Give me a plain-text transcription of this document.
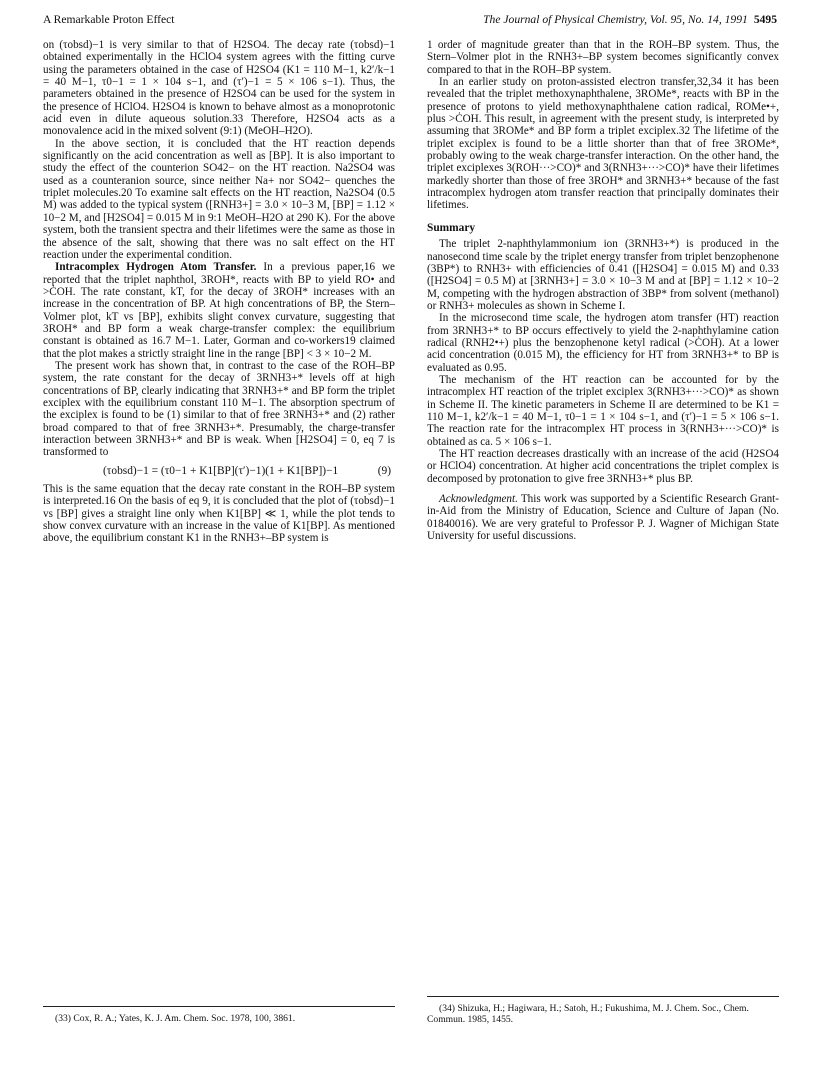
A Remarkable Proton Effect	The Journal of Physical Chemistry, Vol. 95, No. 14, 1991 5495

on (τobsd)−1 is very similar to that of H2SO4. The decay rate (τobsd)−1 obtained experimentally in the HClO4 system agrees with the fitting curve using the parameters obtained in the case of H2SO4 (K1 = 110 M−1, k2′/k−1 = 40 M−1, τ0−1 = 1 × 104 s−1, and (τ′)−1 = 5 × 106 s−1). Thus, the parameters obtained in the presence of H2SO4 can be used for the system in the presence of HClO4. H2SO4 is known to behave almost as a monoprotonic acid even in dilute aqueous solution.33 Therefore, H2SO4 acts as a monovalence acid in the mixed solvent (9:1) (MeOH–H2O).

In the above section, it is concluded that the HT reaction depends significantly on the acid concentration as well as [BP]. It is also important to study the effect of the counterion SO42− on the HT reaction. Na2SO4 was used as a counteranion source, since neither Na+ nor SO42− quenches the triplet molecules.20 To examine salt effects on the HT reaction, Na2SO4 (0.5 M) was added to the typical system ([RNH3+] = 3.0 × 10−3 M, [BP] = 1.12 × 10−2 M, and [H2SO4] = 0.015 M in 9:1 MeOH–H2O at 290 K). For the above system, both the transient spectra and their lifetimes were the same as those in the absence of the salt, showing that there was no salt effect on the HT reaction under the experimental condition.

Intracomplex Hydrogen Atom Transfer. In a previous paper,16 we reported that the triplet naphthol, 3ROH*, reacts with BP to yield RO• and >ĊOH. The rate constant, kT, for the decay of 3ROH* increases with an increase in the concentration of BP. At high concentrations of BP, the Stern–Volmer plot, kT vs [BP], exhibits slight convex curvature, suggesting that 3ROH* and BP form a weak charge-transfer complex: the equilibrium constant is obtained as 16.7 M−1. Later, Gorman and co-workers19 claimed that the plot makes a strictly straight line in the range [BP] < 3 × 10−2 M.

The present work has shown that, in contrast to the case of the ROH–BP system, the rate constant for the decay of 3RNH3+* levels off at high concentrations of BP, clearly indicating that 3RNH3+* and BP form the triplet exciplex with the equilibrium constant 110 M−1. The absorption spectrum of the exciplex is found to be (1) similar to that of free 3RNH3+* and (2) rather broad compared to that of free 3RNH3+*. Presumably, the charge-transfer interaction between 3RNH3+* and BP is weak. When [H2SO4] = 0, eq 7 is transformed to

(τobsd)−1 = (τ0−1 + K1[BP](τ′)−1)(1 + K1[BP])−1	(9)

This is the same equation that the decay rate constant in the ROH–BP system is interpreted.16 On the basis of eq 9, it is concluded that the plot of (τobsd)−1 vs [BP] gives a straight line only when K1[BP] ≪ 1, while the plot tends to show convex curvature with an increase in the value of K1[BP]. As mentioned above, the equilibrium constant K1 in the RNH3+–BP system is

1 order of magnitude greater than that in the ROH–BP system. Thus, the Stern–Volmer plot in the RNH3+–BP system becomes significantly convex compared to that in the ROH–BP system.

In an earlier study on proton-assisted electron transfer,32,34 it has been revealed that the triplet methoxynaphthalene, 3ROMe*, reacts with BP in the presence of protons to yield methoxynaphthalene cation radical, ROMe•+, plus >ĊOH. This result, in agreement with the present study, is interpreted by assuming that 3ROMe* and BP form a triplet exciplex.32 The lifetime of the triplet exciplex is found to be a little shorter than that of free 3ROMe*, probably owing to the weak charge-transfer interaction. On the other hand, the triplet exciplexes 3(ROH···>CO)* and 3(RNH3+···>CO)* have their lifetimes markedly shorter than those of free 3ROH* and 3RNH3+* because of the fast intracomplex hydrogen atom transfer reaction that principally dominates their lifetimes.

Summary

The triplet 2-naphthylammonium ion (3RNH3+*) is produced in the nanosecond time scale by the triplet energy transfer from triplet benzophenone (3BP*) to RNH3+ with efficiencies of 0.41 ([H2SO4] = 0.015 M) and 0.33 ([H2SO4] = 0.5 M) at [3RNH3+] = 3.0 × 10−3 M and at [BP] = 1.12 × 10−2 M, competing with the hydrogen abstraction of 3BP* from solvent (methanol) or RNH3+ molecules as shown in Scheme I.

In the microsecond time scale, the hydrogen atom transfer (HT) reaction from 3RNH3+* to BP occurs effectively to yield the 2-naphthylamine cation radical (RNH2•+) plus the benzophenone ketyl radical (>ĊOH). At a lower acid concentration (0.015 M), the efficiency for HT from 3RNH3+* to BP is evaluated as 0.95.

The mechanism of the HT reaction can be accounted for by the intracomplex HT reaction of the triplet exciplex 3(RNH3+···>CO)* as shown in Scheme II. The kinetic parameters in Scheme II are determined to be K1 = 110 M−1, k2′/k−1 = 40 M−1, τ0−1 = 1 × 104 s−1, and (τ′)−1 = 5 × 106 s−1. The reaction rate for the intracomplex HT process in 3(RNH3+···>CO)* is obtained as ca. 5 × 106 s−1.

The HT reaction decreases drastically with an increase of the acid (H2SO4 or HClO4) concentration. At higher acid concentrations the triplet complex is decomposed by protonation to give free 3RNH3+* plus BP.

Acknowledgment. This work was supported by a Scientific Research Grant-in-Aid from the Ministry of Education, Science and Culture of Japan (No. 01840016). We are very grateful to Professor P. J. Wagner of Michigan State University for useful discussions.

(33) Cox, R. A.; Yates, K. J. Am. Chem. Soc. 1978, 100, 3861.
(34) Shizuka, H.; Hagiwara, H.; Satoh, H.; Fukushima, M. J. Chem. Soc., Chem. Commun. 1985, 1455.
